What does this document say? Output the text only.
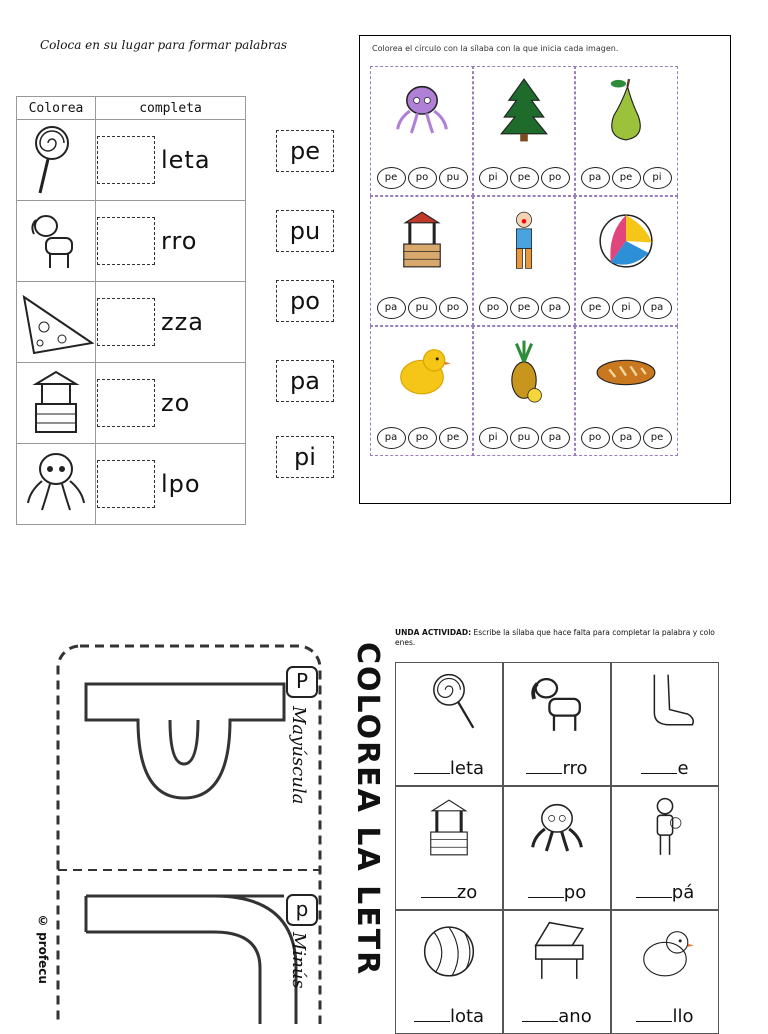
Coloca en su lugar para formar palabras
Colorea	completa
	leta
	rro
	zza
	zo
	lpo
pe
pu
po
pa
pi
Colorea el círculo con la sílaba con la que inicia cada imagen.
pe po pu	pi pe po	pa pe pi
pa pu po	po pe pa	pe pi pa
pa po pe	pi pu pa	po pa pe
P
Mayúscula
p
Minús
© profecu	COLOREA LA LETR
UNDA ACTIVIDAD: Escribe la sílaba que hace falta para completar la palabra y colo enes.
leta	rro	e
zo	po	pá
lota	ano	llo
